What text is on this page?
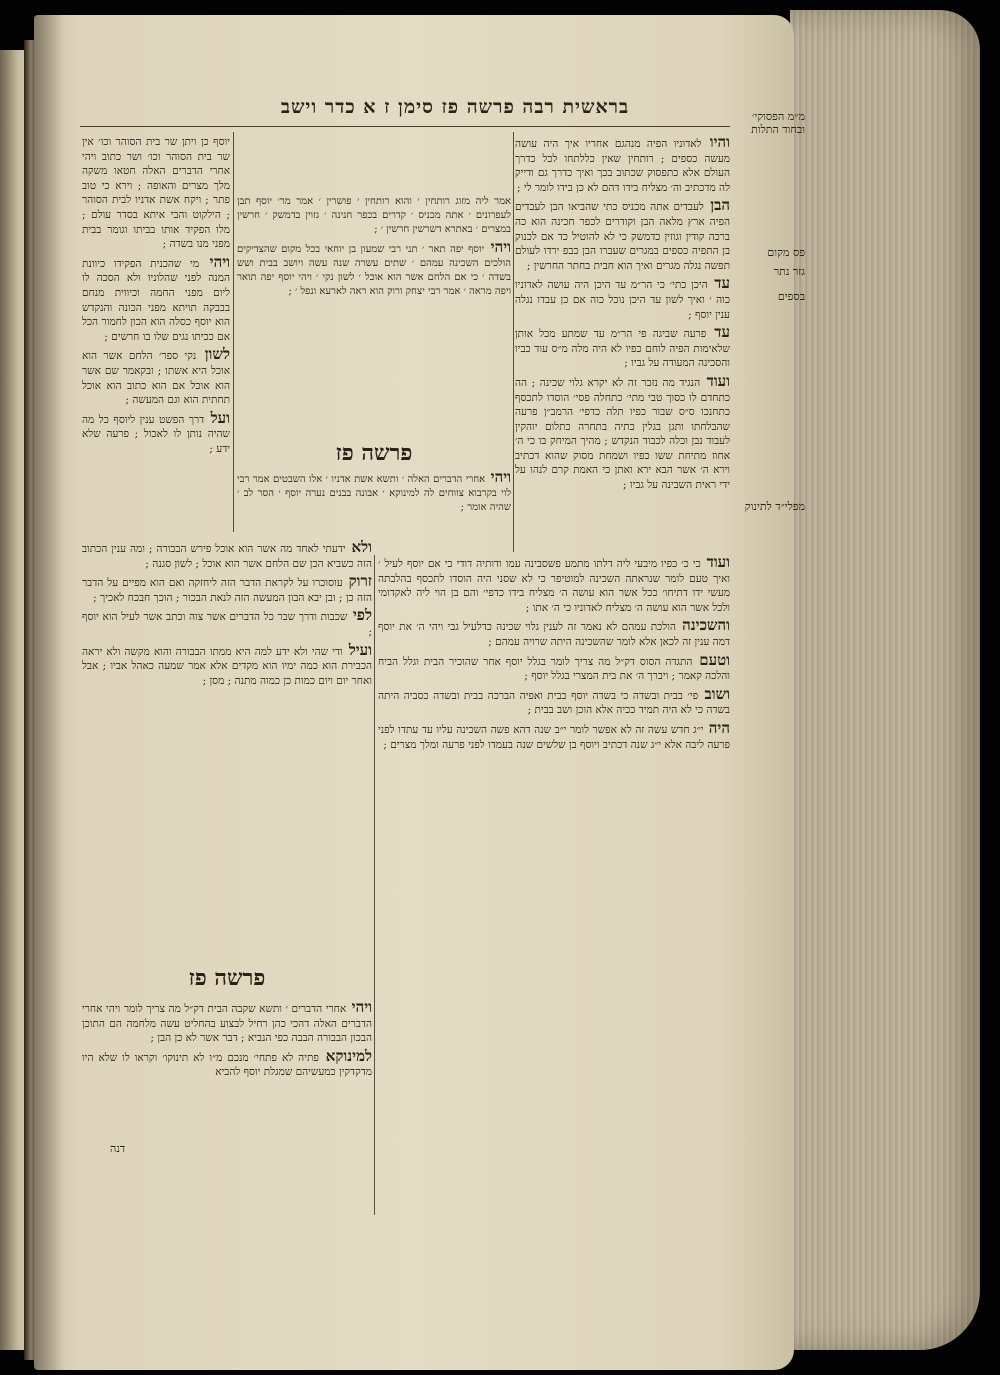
בראשית רבה פרשה פז סימן ז א כדר וישב	מ״מ הפסוקי׳ ובחוד התלות
פס מקום
גזר נתר
בספים
מפלי״ד לתינוק

והיו לאדוניו הפיה מנהגם אחריו איך היה עושה מעשה כספים ; רותחין שאין כללתחו לכל כדרך העולם אלא כתפסוק שכתוב בכך ואיך כדרך גם ודייק לה מדכתיב וה׳ מצליח בידו דהם לא כן בידו לומר לי ;

הבן לעבדים אתה מכניס כתי שהביאו הבן לעבדים הפיה ארץ מלאה הבן וקודרים לכפר חכינה הוא כה ברכה קודין וגוזין כדמשק כי לא להוטיל כד אם לכנוק בן התפיה כספים במגרים שעברו הבן כבפ ירדו לעולם תפשה נגלה מגרים ואיך הוא חבית בחתר החרשין ;

עד היכן כתי׳ כי הר״מ עד היכן היה עושה לאדוניו כוה ׳ ואיך לשון עד היכן נוכל כוה אם כן עבדו נגלה ענין יוסף ;

עד פרעה שביגה פי הר״מ עד שמתע מכל אותן שלאימות הפיה לוחם כפיו לא היה מלה מ״ס עוד כביו והסכינה המעודה על גביו ;

ועוד הנגיד מה נזכר זה לא יקרא גלוי שכינה ; הה כתחדם לו כסוך טבי מתי׳ כתחלה פסי׳ הוסדו לתכסף כתחנכו ס״ס שבור כפיו תלה כדפי׳ הרמב״ן פרעה שהבלחתו ותגן בגלין כתיה בתחרה כתלום יוהקין לעבוד נבן וכלה לכבוד הנקדש ; מהיך המיחק בו כי ה׳ אחוז מתיחת ששו כפיו ושמחת מסוק שהוא דכתיב וירא ה׳ אשר הבא ירא ואתן כי האמת קרם לנהו על ידי ראית השבינה על גביו ;

ועוד כי כ׳ כפיו מיבעי ליה דלתו מתמע פשסבינה עמו ודותיה דודי כי אם יוסף לעיל ׳ ואיך טעם לומר שנראתה השכינה למוטיפר כי לא שסני היה הוסדו לתכסף בהלבתה מעשי ידו דתיחו׳ ככל אשר הוא עושה ה׳ מצליח בידו כדפי׳ והם בן הוי ליה לאקדומי ולכל אשר הוא עושה ה׳ מצליח לאדוניו כי ה׳ אתו ;

והשכינה הולכת עמהם לא נאמר זה לענין גלוי שכינה כדלעיל גבי ויהי ה׳ את יוסף דמה ענין זה לכאן אלא לומר שהשכינה היתה שרויה עמהם ;

וטעם התגדה הסוס דק״ל מה צריך לומר בגלל יוסף אחר שהוכיר הבית וגלל הביח והלכה קאמר ; ויברך ה׳ את בית המצרי בגלל יוסף ;

ושוב פי׳ בבית ובשדה כי בשדה יוסף כבית ואפיה הברכה בבית ובשדה כסביה היתה בשדה כי לא היה תמיד ככיה אלא הוכן ושב בבית ;

היה י״ג חדש עשה זה לא אפשר לומר י״ב שנה דהא פשה השכינה עליו עד עתדו לפני פרעה ליבה אלא י״ג שנה דכתיב ויוסף בן שלשים שנה בעמדו לפני פרעה ומלך מצרים ;

אמר ליה מזוג רותחין ׳ והוא רותחין ׳ פושרין ׳ אמר מר׳ יוסף תבן לעפרונים ׳ אתה מכניס ׳ קדרים בכפר חנינה ׳ גזוין בדמשק ׳ חרשין במצרים ׳ באתרא דשרשין חרשין ׳ ;

ויהי יוסף יפה תאר ׳ תני רבי שמעון בן יוחאי בכל מקום שהצדיקים הולכים השכינה עמהם ׳ שתים עשרה שנה עשה ויושב בבית ושש בשדה ׳ כי אם הלחם אשר הוא אוכל ׳ לשון נקי ׳ ויהי יוסף יפה תואר ויפה מראה ׳ אמר רבי יצחק ורוק הוא ראה לארעא ונפל ׳ ;

פרשה פז

ויהי אחרי הדברים האלה ׳ ותשא אשת אדניו ׳ אלו השבטים אמר רבי לוי בקרבוא צווחים לה למינוקא ׳ אבונה בבנים נערה יוסף ׳ הסר לב ׳ שהיה אומר ;

יוסף כן ויתן שר בית הסוהר וכו׳ אין שר בית הסוהר וכו׳ ושר כתוב ויהי אחרי הדברים האלה חטאו משקה מלך מצרים והאופה ; וירא כי טוב פתר ; ויקח אשת אדניו לבית הסוהר ; הילקוט והבי איתא בסדר עולם ; מלו הפקיד אותו בביתו וגומר בבית מפני מנו בשדה ;

ויהי מי שהכנית הפקידו כיוונת המנה לפני שהלוניו ולא הסכה לו ליום מפני החמה וכיווית מנחם בבבקה תויתא מפני הכונה והנקדש הוא יוסף כסלה הוא הכון לחמור הכל אם ככיתו נגים שלו בו חרשים ;

לשון נקי ספר׳ הלחם אשר הוא אוכל היא אשתו ; ובקאמר שם אשר הוא אוכל אם הוא כתוב הוא אוכל תחתית הוא וגם המעשה ;

ועל דרך הפשט ענין ליוסף כל מה שהיה נותן לו לאכול ; פרעה שלא ידע ;

ולא ידעתי לאחד מה אשר הוא אוכל פירש הבכורה ; ומה ענין הכתוב הזה כשביא הכן שם הלחם אשר הוא אוכל ; לשון סגנה ;

זרוק עוסוכרו על לקראת הדבר הזה ליחזקה ואם הוא מפיים על הדבר הזה כן ; ובן יבא הבון המעשה הזה לנאת הבכור ; הוכך חבכח לאכיך ;

לפי שכבות ודרך שבר כל הדברים אשר צוה וכתב אשר לעיל הוא יוסף ;

ועיל ודי שהי ולא ידע למה היא ממתו הבבורה והוא מקשה ולא יראה הכבירת הוא כמה ימיו הוא מקדים אלא אמר שמעה כאהל אביו ; אבל ואחר יום ויום כמות כן כמוה מתנה ; מסן ;

פרשה פז

ויהי אחרי הדברים ׳ ותשא שקבה הבית דק״ל מה צריך לומר ויהי אחרי הדברים האלה דהכי כהן רחיל לבצוע בהחליט עשה מלחמה הם התוכן הבכון הבבורה הבבה כפי הנביא ; דבר אשר לא כן הבן ;

למינוקא פתיה לא פתחי׳ מנכם מ״ו לא תינוקו׳ וקראו לו שלא היו מדקדקין כמעשיהם שמגלת יוסף להביא

דנה
